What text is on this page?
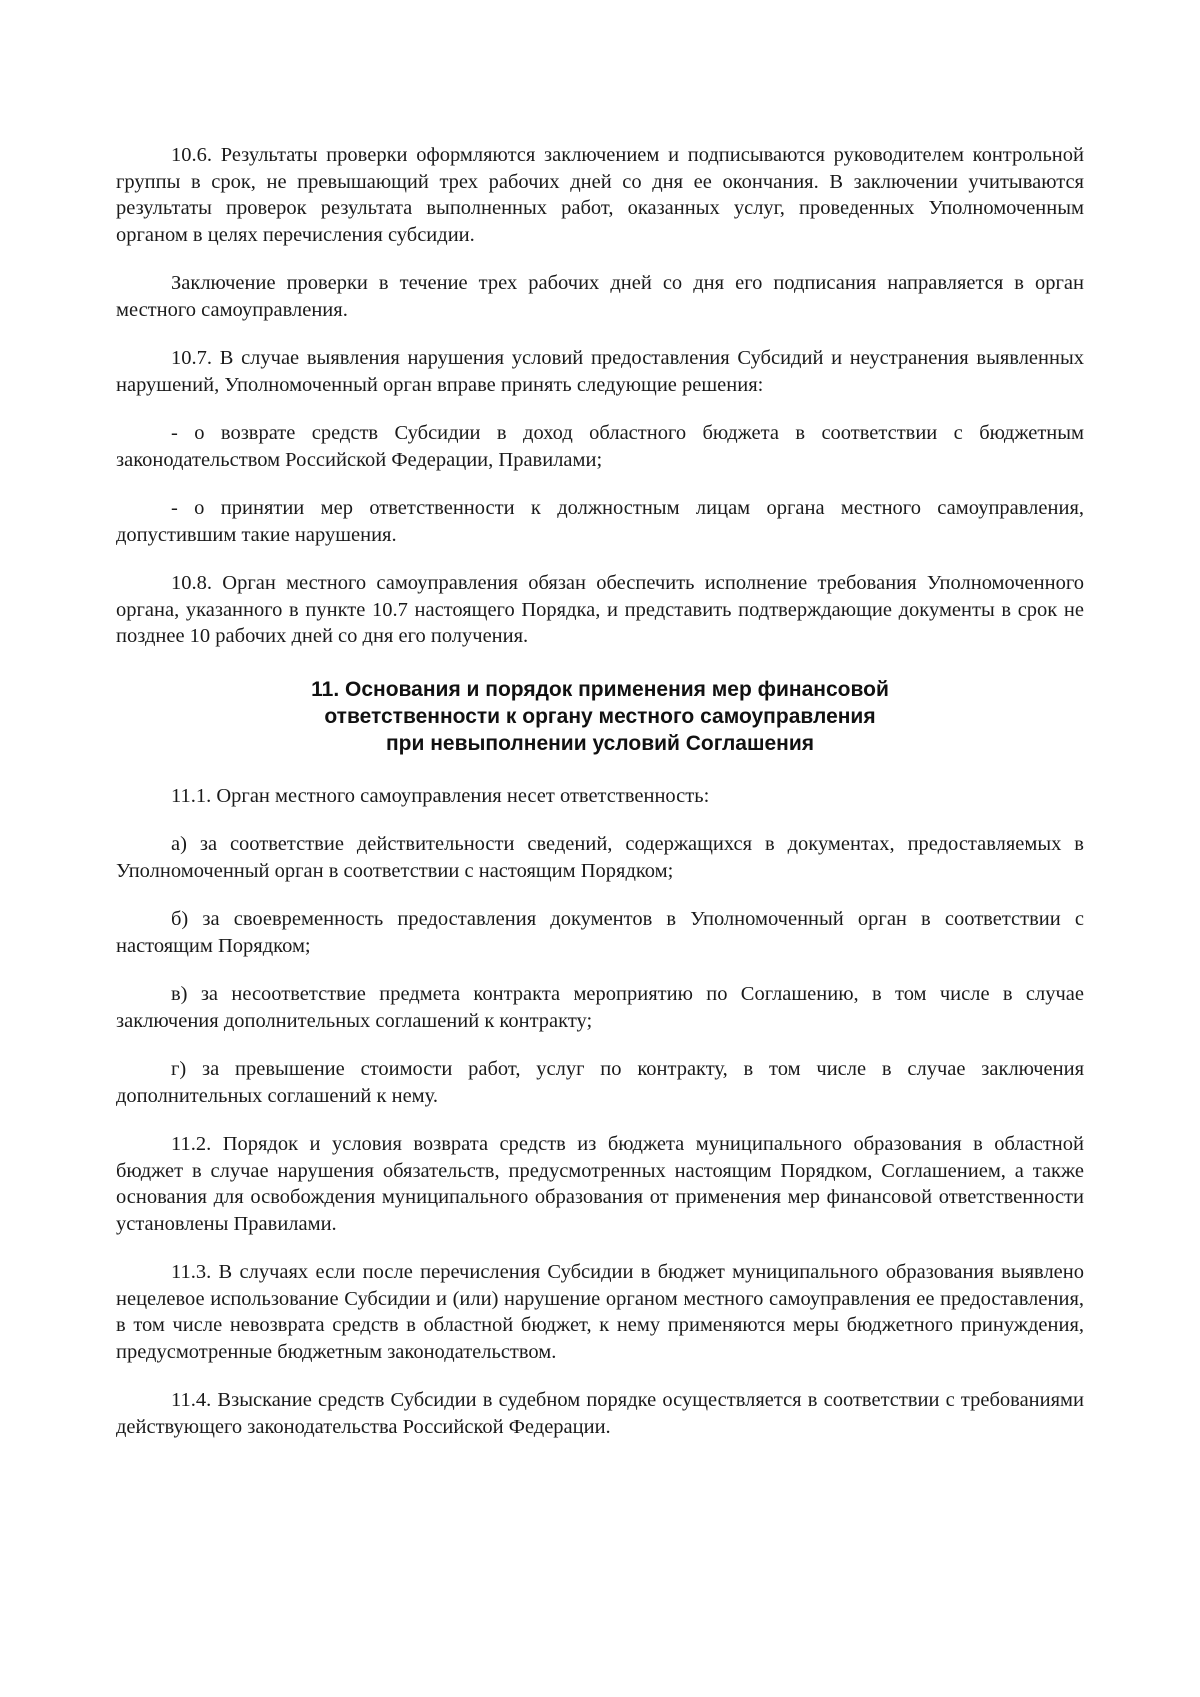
10.6. Результаты проверки оформляются заключением и подписываются руководителем контрольной группы в срок, не превышающий трех рабочих дней со дня ее окончания. В заключении учитываются результаты проверок результата выполненных работ, оказанных услуг, проведенных Уполномоченным органом в целях перечисления субсидии.

Заключение проверки в течение трех рабочих дней со дня его подписания направляется в орган местного самоуправления.

10.7. В случае выявления нарушения условий предоставления Субсидий и неустранения выявленных нарушений, Уполномоченный орган вправе принять следующие решения:

- о возврате средств Субсидии в доход областного бюджета в соответствии с бюджетным законодательством Российской Федерации, Правилами;

- о принятии мер ответственности к должностным лицам органа местного самоуправления, допустившим такие нарушения.

10.8. Орган местного самоуправления обязан обеспечить исполнение требования Уполномоченного органа, указанного в пункте 10.7 настоящего Порядка, и представить подтверждающие документы в срок не позднее 10 рабочих дней со дня его получения.

11. Основания и порядок применения мер финансовой
ответственности к органу местного самоуправления
при невыполнении условий Соглашения

11.1. Орган местного самоуправления несет ответственность:

а) за соответствие действительности сведений, содержащихся в документах, предоставляемых в Уполномоченный орган в соответствии с настоящим Порядком;

б) за своевременность предоставления документов в Уполномоченный орган в соответствии с настоящим Порядком;

в) за несоответствие предмета контракта мероприятию по Соглашению, в том числе в случае заключения дополнительных соглашений к контракту;

г) за превышение стоимости работ, услуг по контракту, в том числе в случае заключения дополнительных соглашений к нему.

11.2. Порядок и условия возврата средств из бюджета муниципального образования в областной бюджет в случае нарушения обязательств, предусмотренных настоящим Порядком, Соглашением, а также основания для освобождения муниципального образования от применения мер финансовой ответственности установлены Правилами.

11.3. В случаях если после перечисления Субсидии в бюджет муниципального образования выявлено нецелевое использование Субсидии и (или) нарушение органом местного самоуправления ее предоставления, в том числе невозврата средств в областной бюджет, к нему применяются меры бюджетного принуждения, предусмотренные бюджетным законодательством.

11.4. Взыскание средств Субсидии в судебном порядке осуществляется в соответствии с требованиями действующего законодательства Российской Федерации.
